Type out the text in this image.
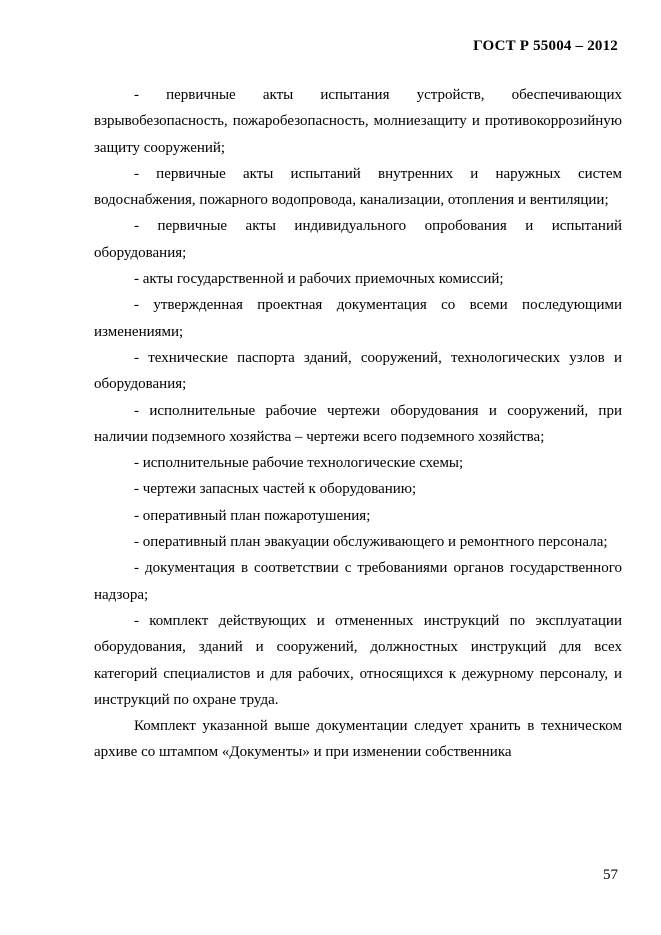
ГОСТ Р 55004 – 2012

- первичные акты испытания устройств, обеспечивающих взрывобезопасность, пожаробезопасность, молниезащиту и противокоррозийную защиту сооружений;

- первичные акты испытаний внутренних и наружных систем водоснабжения, пожарного водопровода, канализации, отопления и вентиляции;

- первичные акты индивидуального опробования и испытаний оборудования;

- акты государственной и рабочих приемочных комиссий;

- утвержденная проектная документация со всеми последующими изменениями;

- технические паспорта зданий, сооружений, технологических узлов и оборудования;

- исполнительные рабочие чертежи оборудования и сооружений, при наличии подземного хозяйства – чертежи всего подземного хозяйства;

- исполнительные рабочие технологические схемы;

- чертежи запасных частей к оборудованию;

- оперативный план пожаротушения;

- оперативный план эвакуации обслуживающего и ремонтного персонала;

- документация в соответствии с требованиями органов государственного надзора;

- комплект действующих и отмененных инструкций по эксплуатации оборудования, зданий и сооружений, должностных инструкций для всех категорий специалистов и для рабочих, относящихся к дежурному персоналу, и инструкций по охране труда.

Комплект указанной выше документации следует хранить в техническом архиве со штампом «Документы» и при изменении собственника

57
